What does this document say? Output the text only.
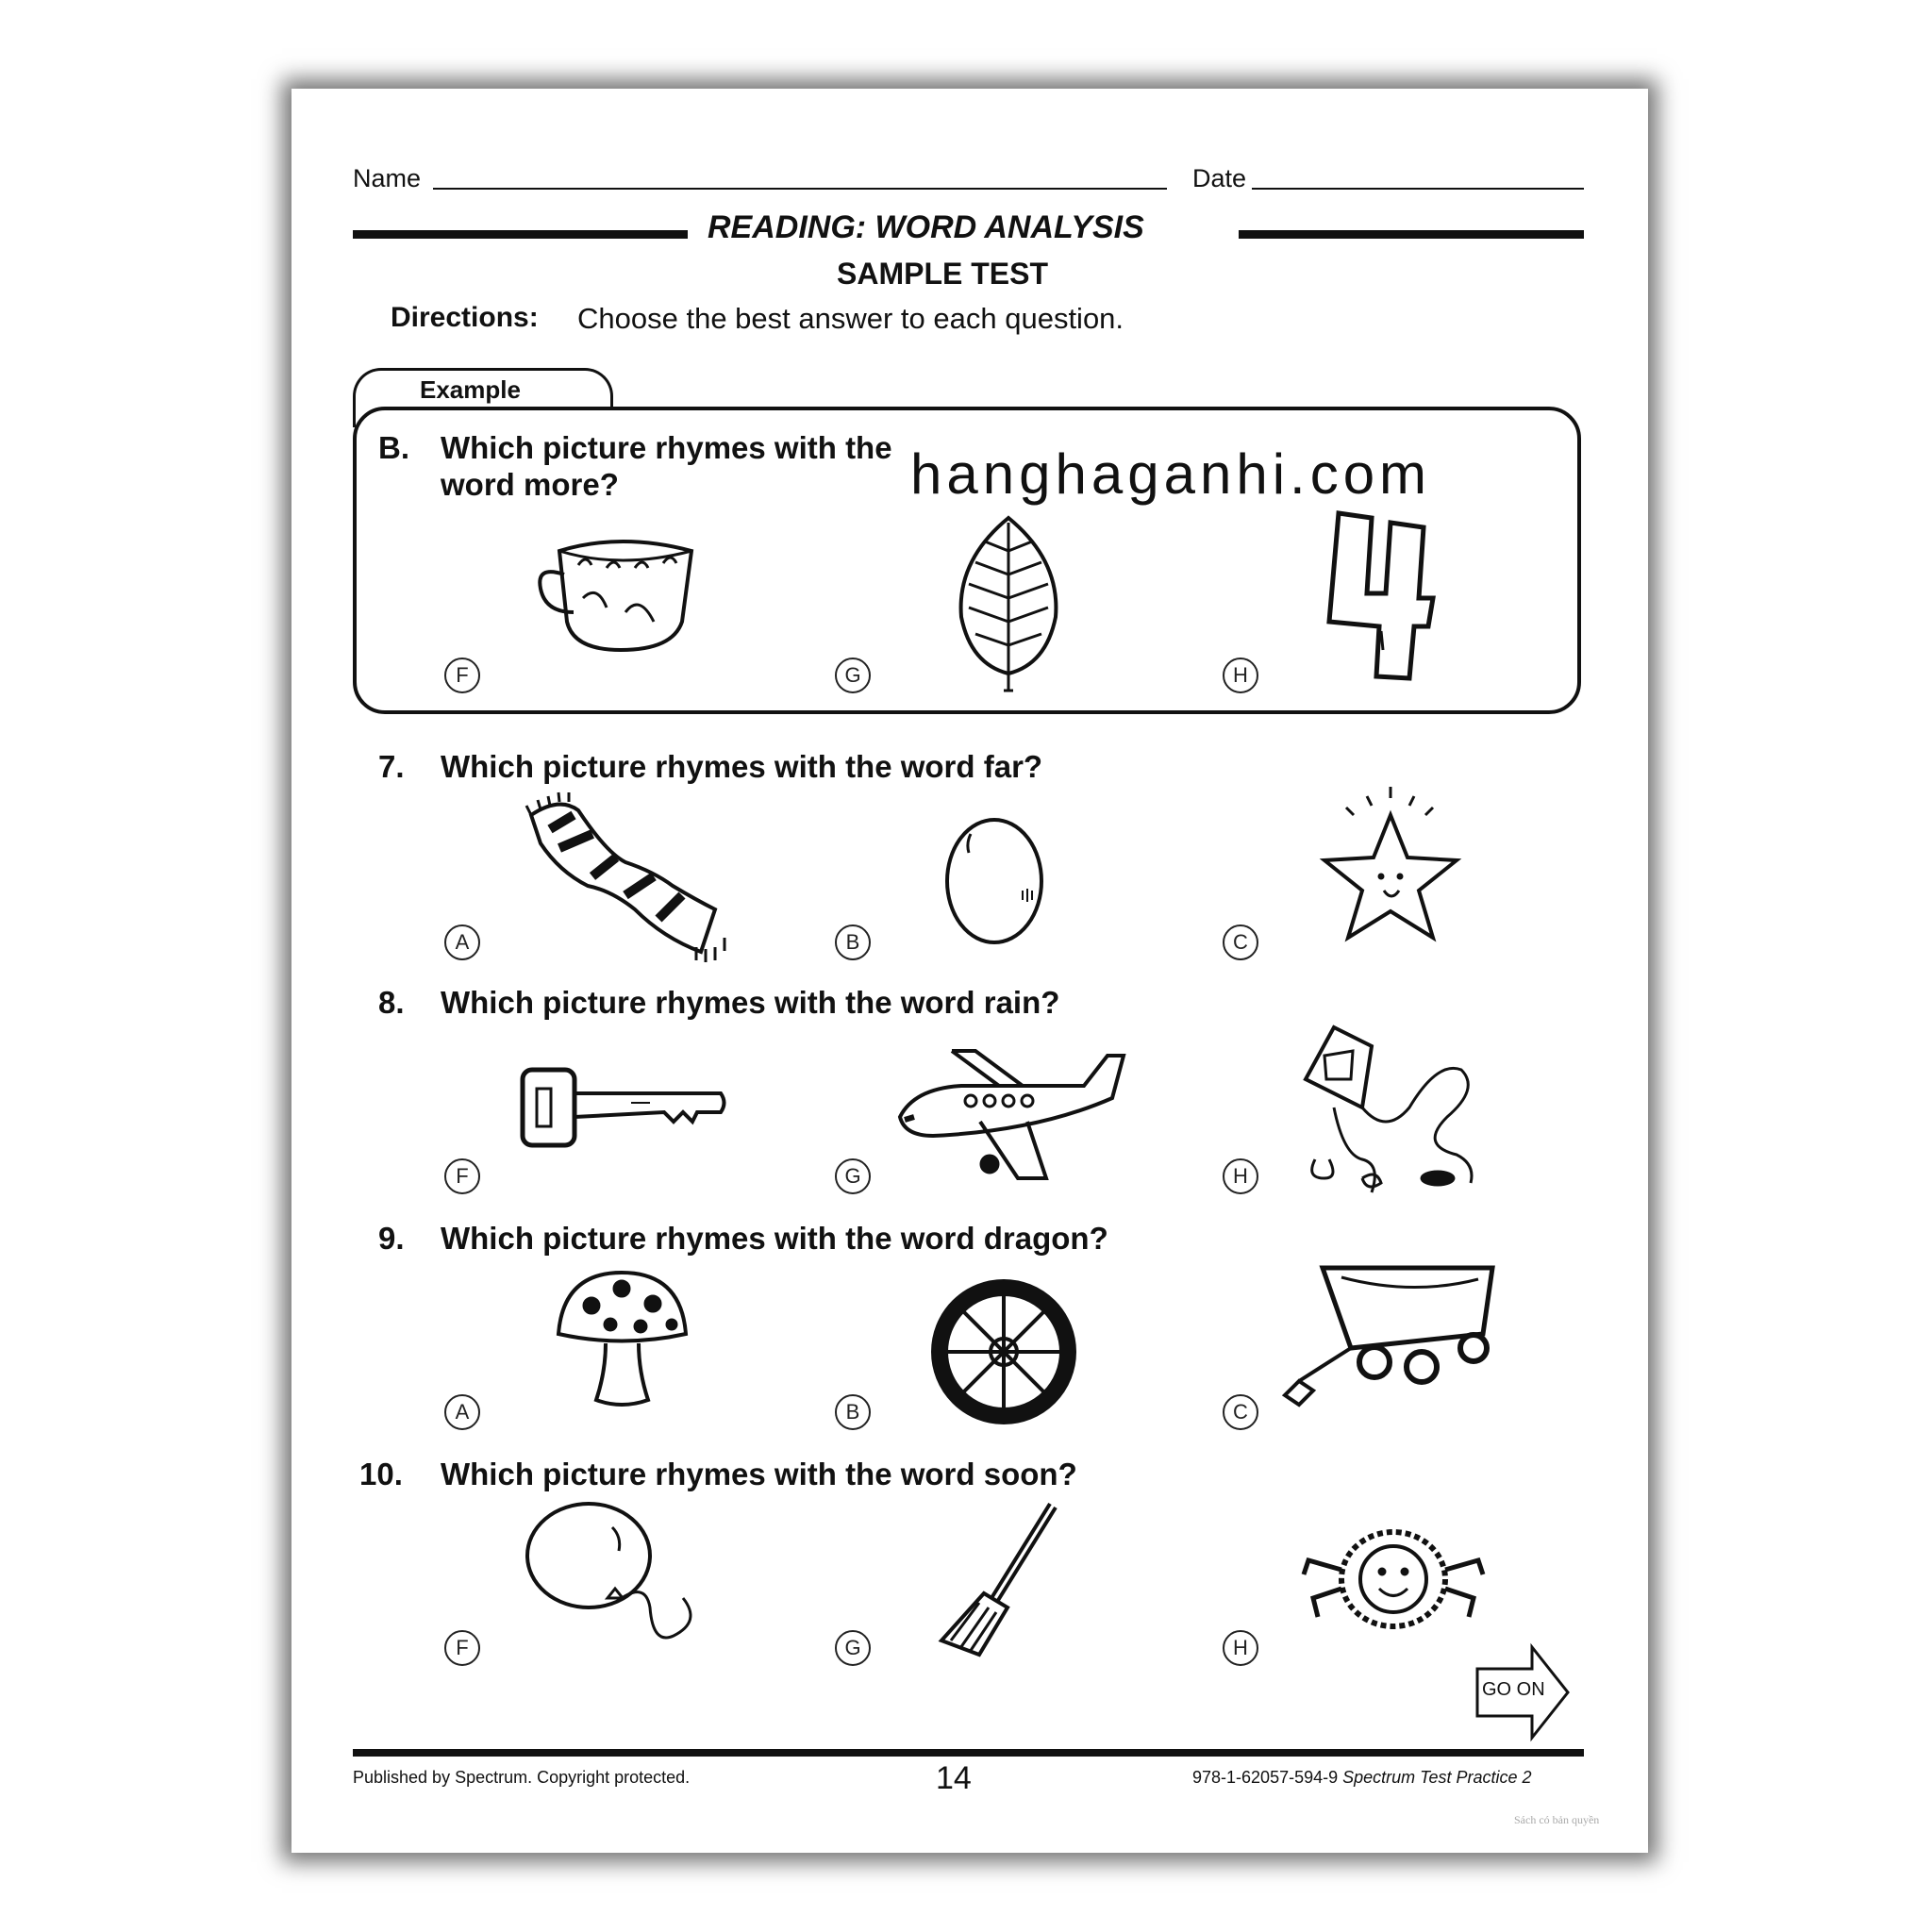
Name	Date
READING: WORD ANALYSIS
SAMPLE TEST
Directions: Choose the best answer to each question.
Example
B. Which picture rhymes with the
word more?	hanghaganhi.com
F	G	H
7. Which picture rhymes with the word far?
A	B	C
8. Which picture rhymes with the word rain?
F	G	H
9. Which picture rhymes with the word dragon?
A	B	C
10. Which picture rhymes with the word soon?
F	G	H
GO ON
Published by Spectrum. Copyright protected.	14	978-1-62057-594-9 Spectrum Test Practice 2
Sách có bản quyền
